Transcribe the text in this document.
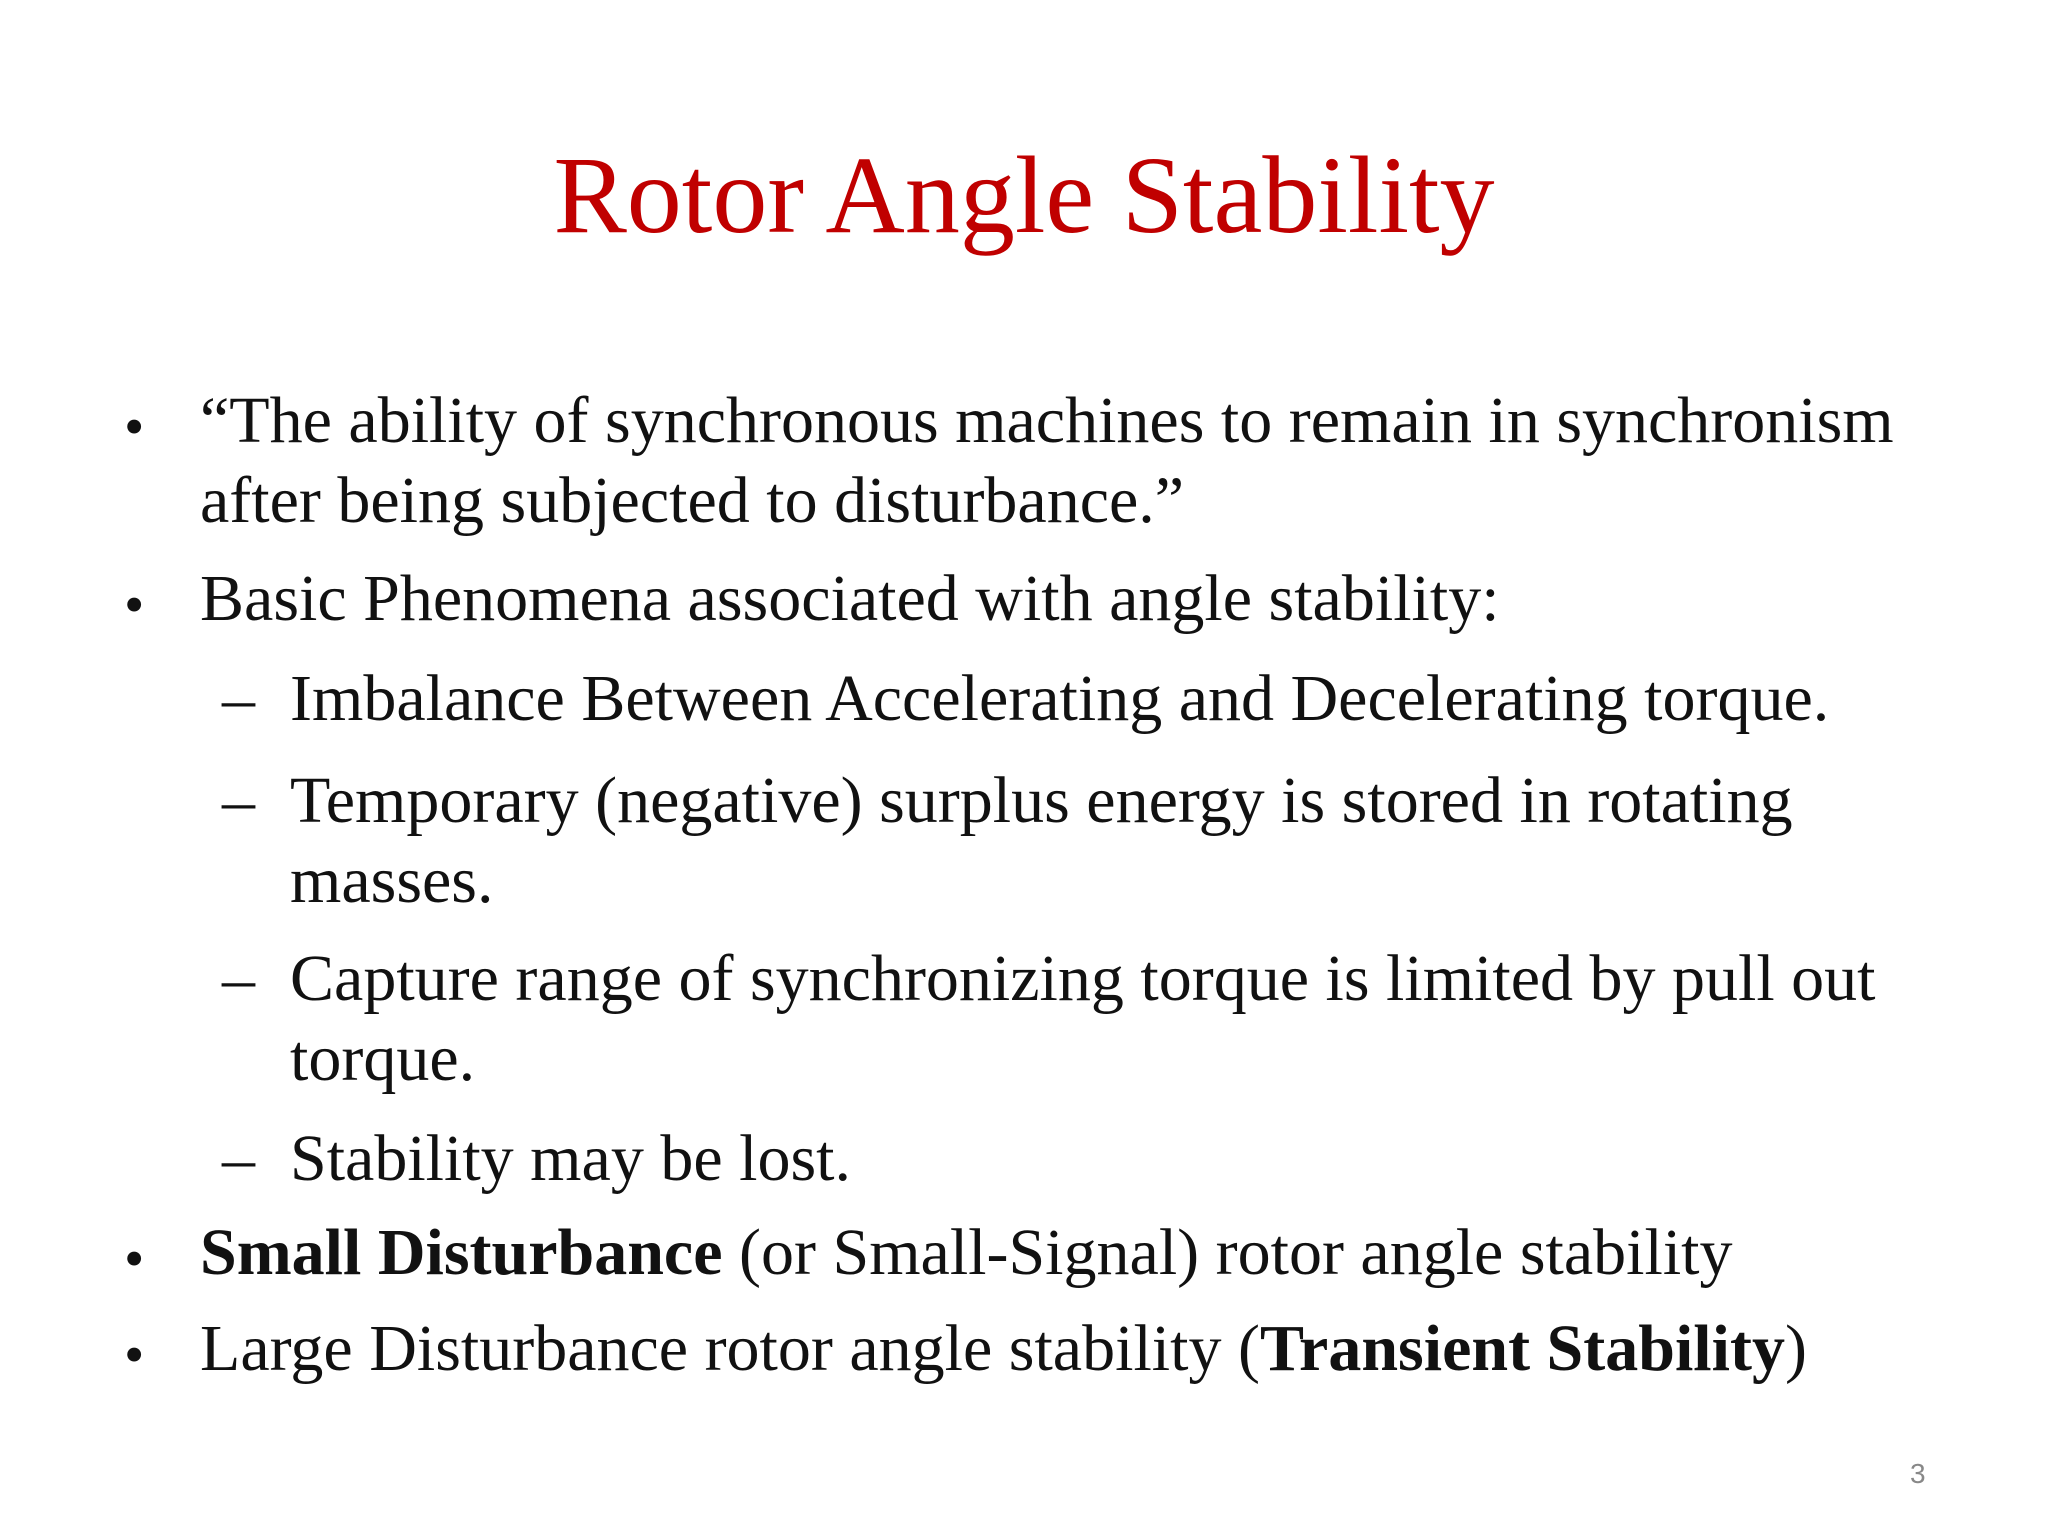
Rotor Angle Stability
• “The ability of synchronous machines to remain in synchronism
after being subjected to disturbance.”
• Basic Phenomena associated with angle stability:
– Imbalance Between Accelerating and Decelerating torque.
– Temporary (negative) surplus energy is stored in rotating
masses.
– Capture range of synchronizing torque is limited by pull out
torque.
– Stability may be lost.
• Small Disturbance (or Small-Signal) rotor angle stability
• Large Disturbance rotor angle stability (Transient Stability)
3
